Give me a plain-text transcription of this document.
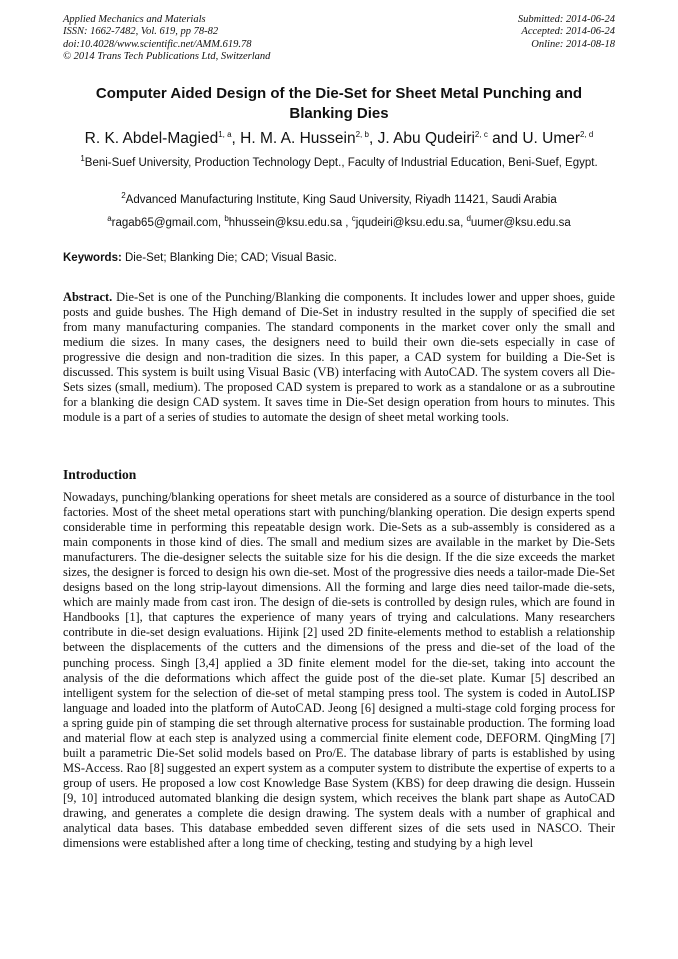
Applied Mechanics and Materials
ISSN: 1662-7482, Vol. 619, pp 78-82
doi:10.4028/www.scientific.net/AMM.619.78
© 2014 Trans Tech Publications Ltd, Switzerland
Submitted: 2014-06-24
Accepted: 2014-06-24
Online: 2014-08-18
Computer Aided Design of the Die-Set for Sheet Metal Punching and Blanking Dies
R. K. Abdel-Magied$^{1, a}$, H. M. A. Hussein$^{2, b}$, J. Abu Qudeiri$^{2, c}$ and U. Umer$^{2, d}$
$^1$Beni-Suef University, Production Technology Dept., Faculty of Industrial Education, Beni-Suef, Egypt.
$^2$Advanced Manufacturing Institute, King Saud University, Riyadh 11421, Saudi Arabia
$^a$ragab65@gmail.com, $^b$hhussein@ksu.edu.sa , $^c$jqudeiri@ksu.edu.sa, $^d$uumer@ksu.edu.sa
Keywords: Die-Set; Blanking Die; CAD; Visual Basic.

Abstract. Die-Set is one of the Punching/Blanking die components. It includes lower and upper shoes, guide posts and guide bushes. The High demand of Die-Set in industry resulted in the supply of specified die set from many manufacturing companies. The standard components in the market cover only the small and medium die sizes. In many cases, the designers need to build their own die-sets especially in case of progressive die design and non-tradition die sizes. In this paper, a CAD system for building a Die-Set is discussed. This system is built using Visual Basic (VB) interfacing with AutoCAD. The system covers all Die-Sets sizes (small, medium). The proposed CAD system is prepared to work as a standalone or as a subroutine for a blanking die design CAD system. It saves time in Die-Set design operation from hours to minutes. This module is a part of a series of studies to automate the design of sheet metal working tools.

Introduction

Nowadays, punching/blanking operations for sheet metals are considered as a source of disturbance in the tool factories. Most of the sheet metal operations start with punching/blanking operation. Die design experts spend considerable time in performing this repeatable design work. Die-Sets as a sub-assembly is considered as a main components in those kind of dies. The small and medium sizes are available in the market by Die-Sets manufacturers. The die-designer selects the suitable size for his die design. If the die size exceeds the market sizes, the designer is forced to design his own die-set. Most of the progressive dies needs a tailor-made Die-Set designs based on the long strip-layout dimensions. All the forming and large dies need tailor-made die-sets, which are mainly made from cast iron. The design of die-sets is controlled by design rules, which are found in Handbooks [1], that captures the experience of many years of trying and calculations. Many researchers contribute in die-set design evaluations. Hijink [2] used 2D finite-elements method to establish a relationship between the displacements of the cutters and the dimensions of the press and die-set of the load of the punching process. Singh [3,4] applied a 3D finite element model for the die-set, taking into account the analysis of the die deformations which affect the guide post of the die-set plate. Kumar [5] described an intelligent system for the selection of die-set of metal stamping press tool. The system is coded in AutoLISP language and loaded into the platform of AutoCAD. Jeong [6] designed a multi-stage cold forging process for a spring guide pin of stamping die set through alternative process for sustainable production. The forming load and material flow at each step is analyzed using a commercial finite element code, DEFORM. QingMing [7] built a parametric Die-Set solid models based on Pro/E. The database library of parts is established by using MS-Access. Rao [8] suggested an expert system as a computer system to distribute the expertise of experts to a group of users. He proposed a low cost Knowledge Base System (KBS) for deep drawing die design. Hussein [9, 10] introduced automated blanking die design system, which receives the blank part shape as AutoCAD drawing, and generates a complete die design drawing. The system deals with a number of graphical and analytical data bases. This database embedded seven different sizes of die sets used in NASCO. Their dimensions were established after a long time of checking, testing and studying by a high level
